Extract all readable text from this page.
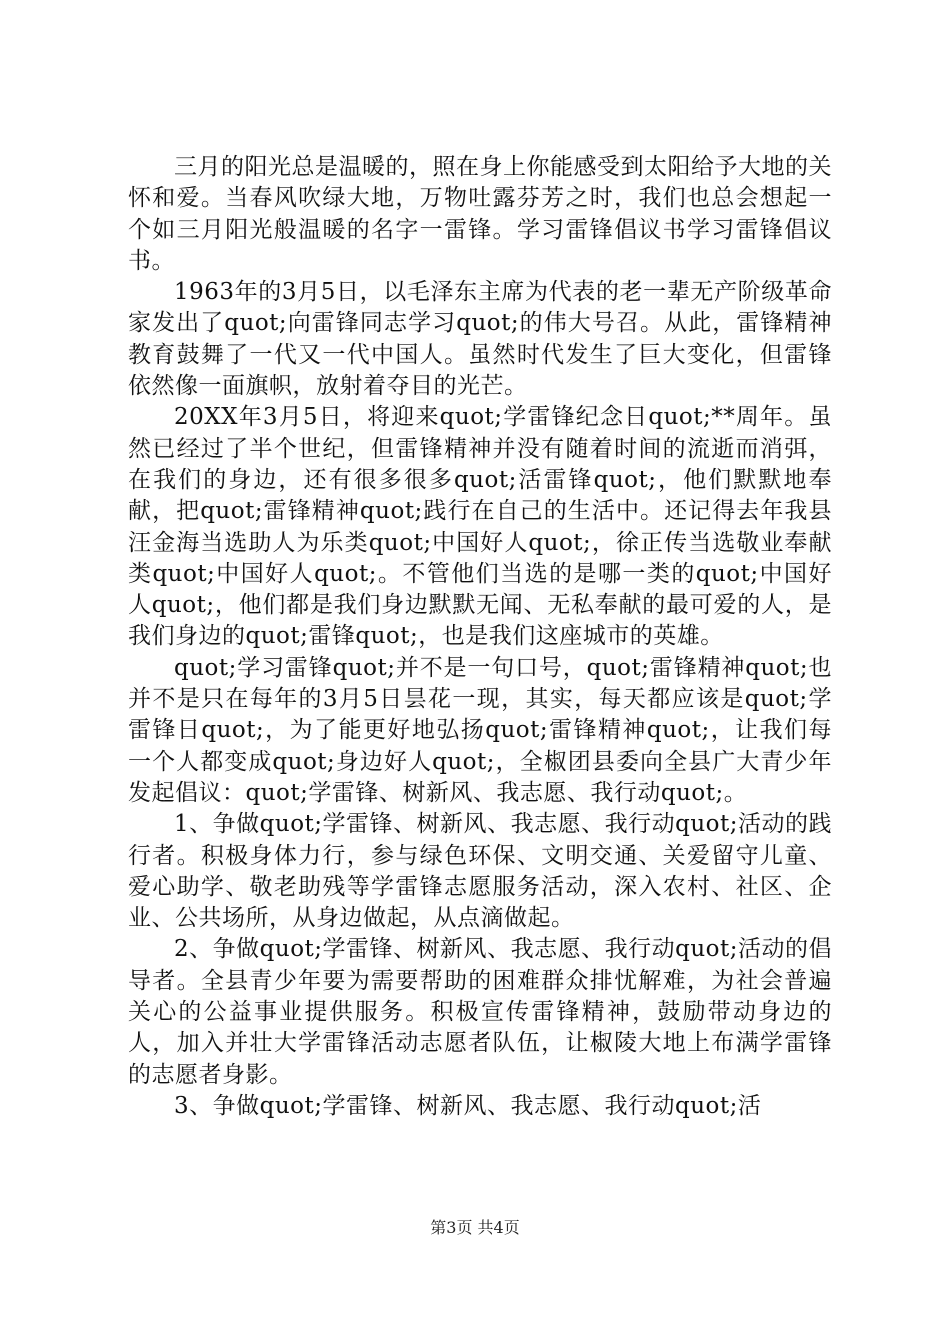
三月的阳光总是温暖的，照在身上你能感受到太阳给予大地的关怀和爱。当春风吹绿大地，万物吐露芬芳之时，我们也总会想起一个如三月阳光般温暖的名字一雷锋。学习雷锋倡议书学习雷锋倡议书。

1963年的3月5日，以毛泽东主席为代表的老一辈无产阶级革命家发出了quot;向雷锋同志学习quot;的伟大号召。从此，雷锋精神教育鼓舞了一代又一代中国人。虽然时代发生了巨大变化，但雷锋依然像一面旗帜，放射着夺目的光芒。

20XX年3月5日，将迎来quot;学雷锋纪念日quot;**周年。虽然已经过了半个世纪，但雷锋精神并没有随着时间的流逝而消弭，在我们的身边，还有很多很多quot;活雷锋quot;，他们默默地奉献，把quot;雷锋精神quot;践行在自己的生活中。还记得去年我县汪金海当选助人为乐类quot;中国好人quot;，徐正传当选敬业奉献类quot;中国好人quot;。不管他们当选的是哪一类的quot;中国好人quot;，他们都是我们身边默默无闻、无私奉献的最可爱的人，是我们身边的quot;雷锋quot;，也是我们这座城市的英雄。

quot;学习雷锋quot;并不是一句口号，quot;雷锋精神quot;也并不是只在每年的3月5日昙花一现，其实，每天都应该是quot;学雷锋日quot;，为了能更好地弘扬quot;雷锋精神quot;，让我们每一个人都变成quot;身边好人quot;，全椒团县委向全县广大青少年发起倡议：quot;学雷锋、树新风、我志愿、我行动quot;。

1、争做quot;学雷锋、树新风、我志愿、我行动quot;活动的践行者。积极身体力行，参与绿色环保、文明交通、关爱留守儿童、爱心助学、敬老助残等学雷锋志愿服务活动，深入农村、社区、企业、公共场所，从身边做起，从点滴做起。

2、争做quot;学雷锋、树新风、我志愿、我行动quot;活动的倡导者。全县青少年要为需要帮助的困难群众排忧解难，为社会普遍关心的公益事业提供服务。积极宣传雷锋精神，鼓励带动身边的人，加入并壮大学雷锋活动志愿者队伍，让椒陵大地上布满学雷锋的志愿者身影。

3、争做quot;学雷锋、树新风、我志愿、我行动quot;活

第3页 共4页
